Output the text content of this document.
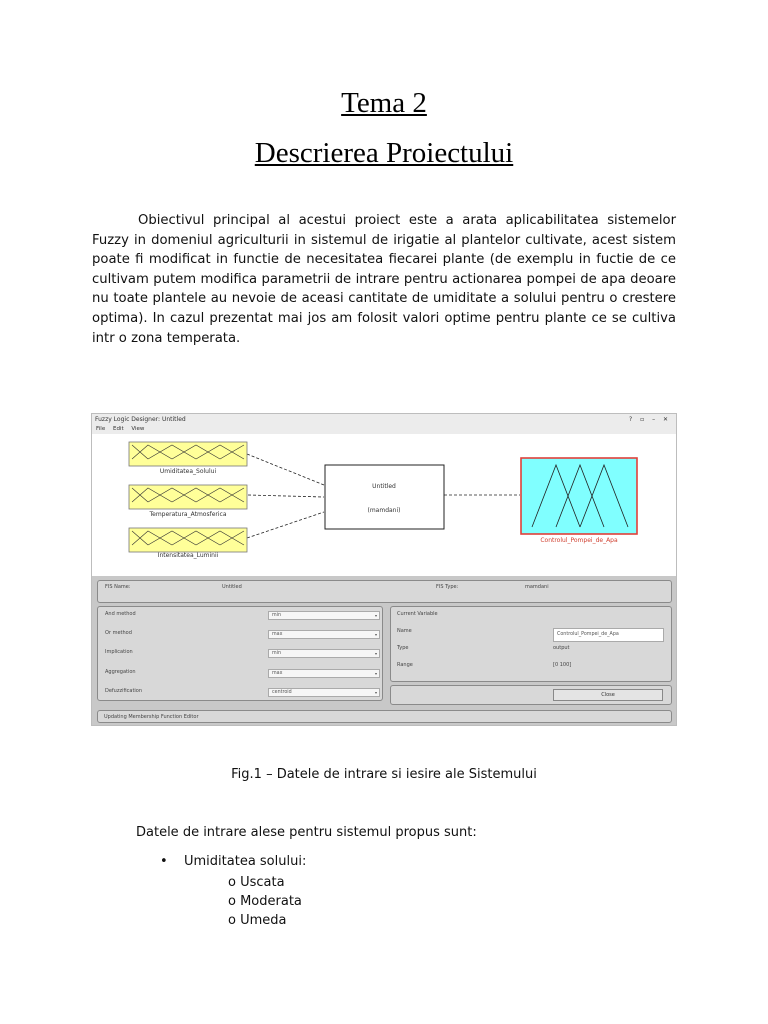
Tema 2
Descrierea Proiectului

Obiectivul principal al acestui proiect este a arata aplicabilitatea sistemelor Fuzzy in domeniul agriculturii in sistemul de irigatie al plantelor cultivate, acest sistem poate fi modificat in functie de necesitatea fiecarei plante (de exemplu in fuctie de ce cultivam putem modifica parametrii de intrare pentru actionarea pompei de apa deoare nu toate plantele au nevoie de aceasi cantitate de umiditate a solului pentru o crestere optima). In cazul prezentat mai jos am folosit valori optime pentru plante ce se cultiva intr o zona temperata.

Fuzzy Logic Designer: Untitled	? ▫ – ✕
File Edit View
Umiditatea_Solului
Temperatura_Atmosferica
Intensitatea_Luminii
Untitled
(mamdani)
Controlul_Pompei_de_Apa
FIS Name:	Untitled	FIS Type:	mamdani
And method	min	▾
Or method	max	▾
Implication	min	▾
Aggregation	max	▾
Defuzzification	centroid	▾
Current Variable
Name
Controlul_Pompei_de_Apa
Type	output
Range	[0 100]
Close
Updating Membership Function Editor
Fig.1 – Datele de intrare si iesire ale Sistemului
Datele de intrare alese pentru sistemul propus sunt:
• Umiditatea solului:
o Uscata
o Moderata
o Umeda
